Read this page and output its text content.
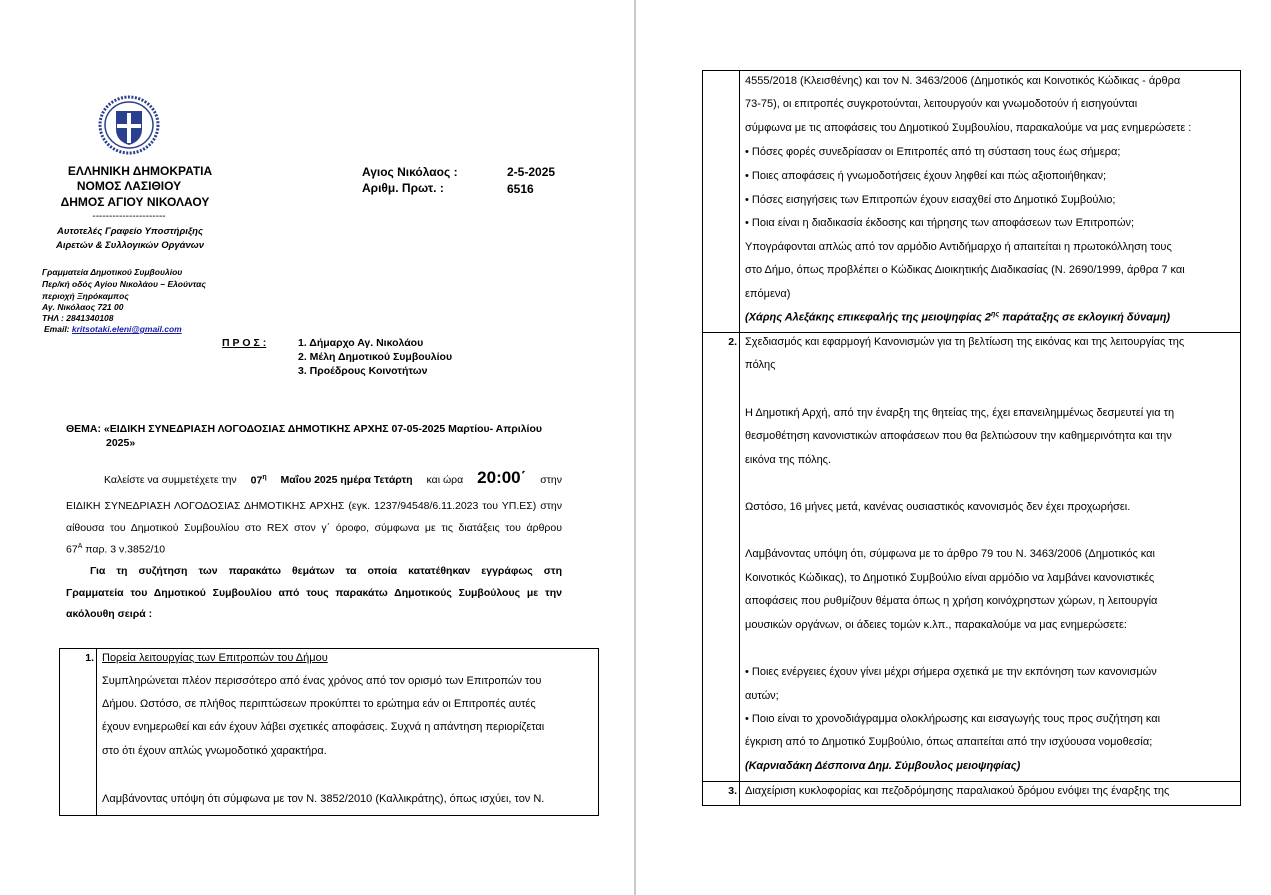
ΕΛΛΗΝΙΚΗ ΔΗΜΟΚΡΑΤΙΑ
ΝΟΜΟΣ ΛΑΣΙΘΙΟΥ
ΔΗΜΟΣ ΑΓΙΟΥ ΝΙΚΟΛΑΟΥ
----------------------
Αυτοτελές Γραφείο Υποστήριξης
Αιρετών & Συλλογικών Οργάνων
Γραμματεία Δημοτικού Συμβουλίου
Περ/κή οδός Αγίου Νικολάου – Ελούντας
περιοχή Ξηρόκαμπος
Αγ. Νικόλαος 721 00
ΤΗΛ : 2841340108
Email: kritsotaki.eleni@gmail.com
Αγιος Νικόλαος :	2-5-2025
Αριθμ. Πρωτ. :	6516
Π Ρ Ο Σ :	1. Δήμαρχο Αγ. Νικολάου
2. Μέλη Δημοτικού Συμβουλίου
3. Προέδρους Κοινοτήτων
ΘΕΜΑ: «ΕΙΔΙΚΗ ΣΥΝΕΔΡΙΑΣΗ ΛΟΓΟΔΟΣΙΑΣ ΔΗΜΟΤΙΚΗΣ ΑΡΧΗΣ 07-05-2025 Μαρτίου- Απριλίου
2025»
Καλείστε να συμμετέχετε την $07^\eta$ Μαΐου 2025 ημέρα Τετάρτη και ώρα 20:00΄ στην
ΕΙΔΙΚΗ ΣΥΝΕΔΡΙΑΣΗ ΛΟΓΟΔΟΣΙΑΣ ΔΗΜΟΤΙΚΗΣ ΑΡΧΗΣ (εγκ. 1237/94548/6.11.2023 του ΥΠ.ΕΣ) στην
αίθουσα του Δημοτικού Συμβουλίου στο REX στον γ΄ όροφο, σύμφωνα με τις διατάξεις του άρθρου
$67^A$ παρ. 3 ν.3852/10
Για τη συζήτηση των παρακάτω θεμάτων τα οποία κατατέθηκαν εγγράφως στη
Γραμματεία του Δημοτικού Συμβουλίου από τους παρακάτω Δημοτικούς Συμβούλους με την
ακόλουθη σειρά :
1. Πορεία λειτουργίας των Επιτροπών του Δήμου
Συμπληρώνεται πλέον περισσότερο από ένας χρόνος από τον ορισμό των Επιτροπών του
Δήμου. Ωστόσο, σε πλήθος περιπτώσεων προκύπτει το ερώτημα εάν οι Επιτροπές αυτές
έχουν ενημερωθεί και εάν έχουν λάβει σχετικές αποφάσεις. Συχνά η απάντηση περιορίζεται
στο ότι έχουν απλώς γνωμοδοτικό χαρακτήρα.
Λαμβάνοντας υπόψη ότι σύμφωνα με τον Ν. 3852/2010 (Καλλικράτης), όπως ισχύει, τον Ν.
4555/2018 (Κλεισθένης) και τον Ν. 3463/2006 (Δημοτικός και Κοινοτικός Κώδικας - άρθρα
73-75), οι επιτροπές συγκροτούνται, λειτουργούν και γνωμοδοτούν ή εισηγούνται
σύμφωνα με τις αποφάσεις του Δημοτικού Συμβουλίου, παρακαλούμε να μας ενημερώσετε :
• Πόσες φορές συνεδρίασαν οι Επιτροπές από τη σύσταση τους έως σήμερα;
• Ποιες αποφάσεις ή γνωμοδοτήσεις έχουν ληφθεί και πώς αξιοποιήθηκαν;
• Πόσες εισηγήσεις των Επιτροπών έχουν εισαχθεί στο Δημοτικό Συμβούλιο;
• Ποια είναι η διαδικασία έκδοσης και τήρησης των αποφάσεων των Επιτροπών;
Υπογράφονται απλώς από τον αρμόδιο Αντιδήμαρχο ή απαιτείται η πρωτοκόλληση τους
στο Δήμο, όπως προβλέπει ο Κώδικας Διοικητικής Διαδικασίας (Ν. 2690/1999, άρθρα 7 και
επόμενα)
(Χάρης Αλεξάκης επικεφαλής της μειοψηφίας $2^{\eta\varsigma}$ παράταξης σε εκλογική δύναμη)
2. Σχεδιασμός και εφαρμογή Κανονισμών για τη βελτίωση της εικόνας και της λειτουργίας της
πόλης
Η Δημοτική Αρχή, από την έναρξη της θητείας της, έχει επανειλημμένως δεσμευτεί για τη
θεσμοθέτηση κανονιστικών αποφάσεων που θα βελτιώσουν την καθημερινότητα και την
εικόνα της πόλης.
Ωστόσο, 16 μήνες μετά, κανένας ουσιαστικός κανονισμός δεν έχει προχωρήσει.
Λαμβάνοντας υπόψη ότι, σύμφωνα με το άρθρο 79 του Ν. 3463/2006 (Δημοτικός και
Κοινοτικός Κώδικας), το Δημοτικό Συμβούλιο είναι αρμόδιο να λαμβάνει κανονιστικές
αποφάσεις που ρυθμίζουν θέματα όπως η χρήση κοινόχρηστων χώρων, η λειτουργία
μουσικών οργάνων, οι άδειες τομών κ.λπ., παρακαλούμε να μας ενημερώσετε:
• Ποιες ενέργειες έχουν γίνει μέχρι σήμερα σχετικά με την εκπόνηση των κανονισμών
αυτών;
• Ποιο είναι το χρονοδιάγραμμα ολοκλήρωσης και εισαγωγής τους προς συζήτηση και
έγκριση από το Δημοτικό Συμβούλιο, όπως απαιτείται από την ισχύουσα νομοθεσία;
(Καρνιαδάκη Δέσποινα Δημ. Σύμβουλος μειοψηφίας)
3. Διαχείριση κυκλοφορίας και πεζοδρόμησης παραλιακού δρόμου ενόψει της έναρξης της
